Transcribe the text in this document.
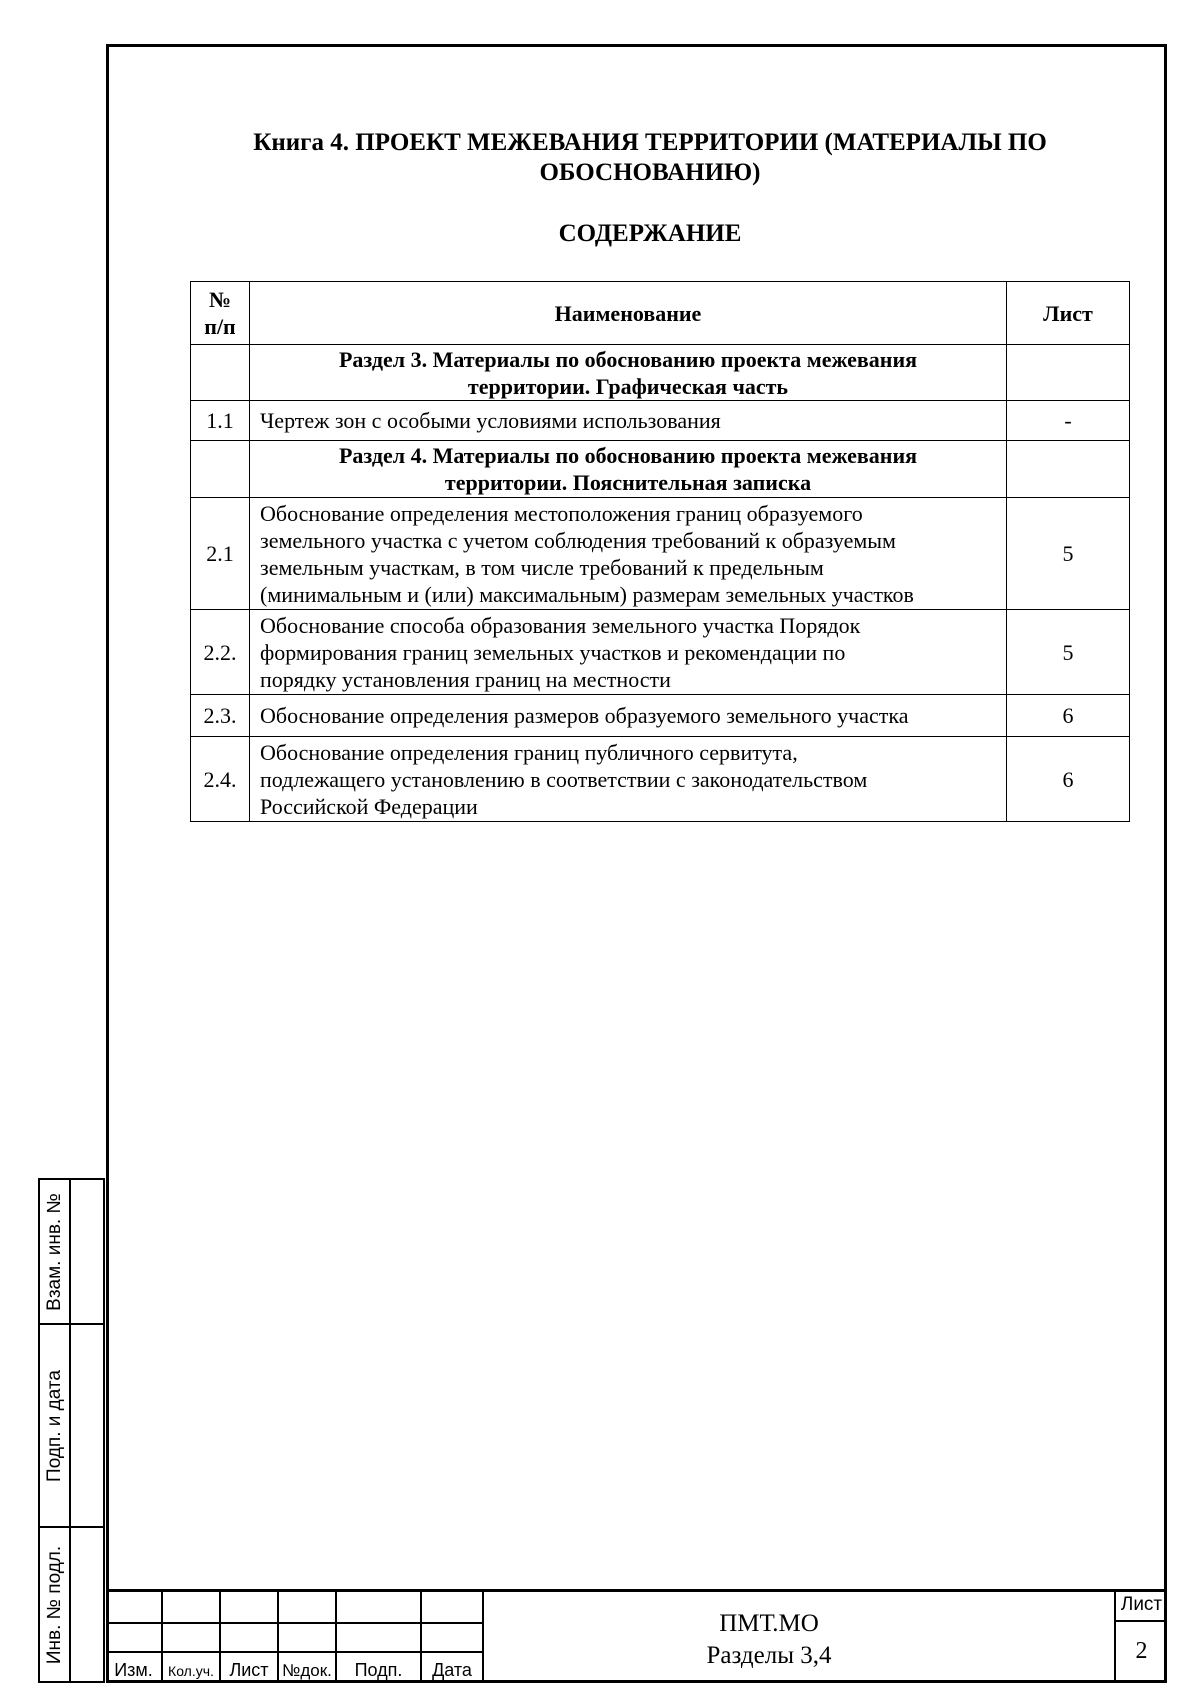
Книга 4. ПРОЕКТ МЕЖЕВАНИЯ ТЕРРИТОРИИ (МАТЕРИАЛЫ ПО
ОБОСНОВАНИЮ)
СОДЕРЖАНИЕ
№
п/п	Наименование	Лист

	Раздел 3. Материалы по обоснованию проекта межевания
территории. Графическая часть	

1.1	Чертеж зон с особыми условиями использования	-

	Раздел 4. Материалы по обоснованию проекта межевания
территории. Пояснительная записка	

2.1	Обоснование определения местоположения границ образуемого
земельного участка с учетом соблюдения требований к образуемым
земельным участкам, в том числе требований к предельным
(минимальным и (или) максимальным) размерам земельных участков	5
2.2.	Обоснование способа образования земельного участка Порядок
формирования границ земельных участков и рекомендации по
порядку установления границ на местности	5
2.3.	Обоснование определения размеров образуемого земельного участка	6
2.4.	Обоснование определения границ публичного сервитута,
подлежащего установлению в соответствии с законодательством
Российской Федерации	6
Взам. инв. №
Подп. и дата
Инв. № подл.
Изм.	Кол.уч. Лист №док.	Подп.	Дата
ПМТ.МО
Разделы 3,4
Лист
2
